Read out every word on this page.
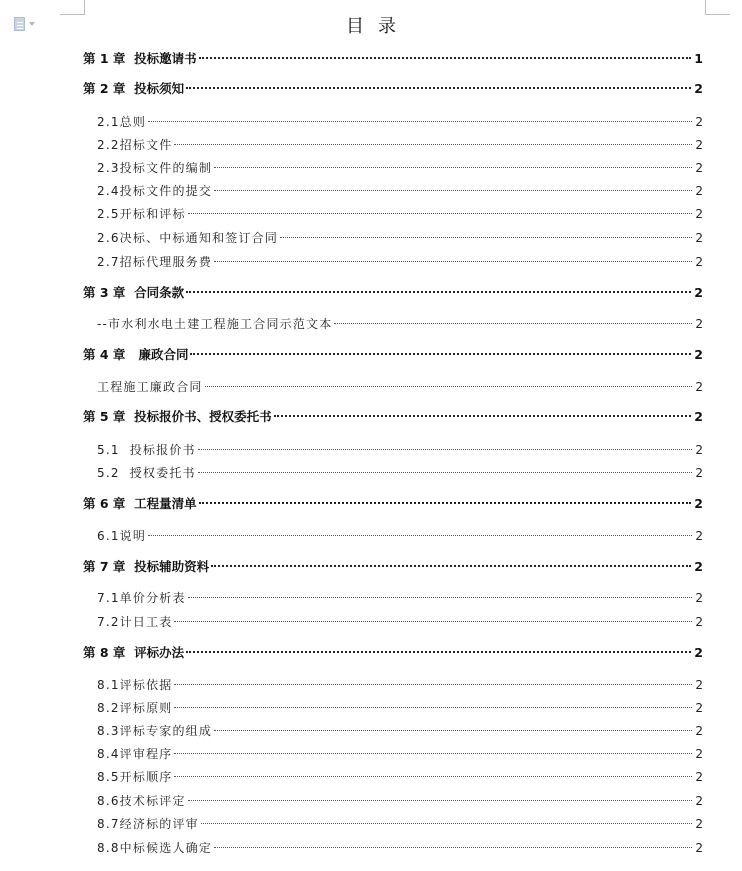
目录
第 1 章  投标邀请书	1
第 2 章  投标须知	2
2.1总则	2
2.2招标文件	2
2.3投标文件的编制	2
2.4投标文件的提交	2
2.5开标和评标	2
2.6决标、中标通知和签订合同	2
2.7招标代理服务费	2
第 3 章  合同条款	2
--市水利水电土建工程施工合同示范文本	2
第 4 章   廉政合同	2
工程施工廉政合同	2
第 5 章  投标报价书、授权委托书	2
5.1  投标报价书	2
5.2  授权委托书	2
第 6 章  工程量清单	2
6.1说明	2
第 7 章  投标辅助资料	2
7.1单价分析表	2
7.2计日工表	2
第 8 章  评标办法	2
8.1评标依据	2
8.2评标原则	2
8.3评标专家的组成	2
8.4评审程序	2
8.5开标顺序	2
8.6技术标评定	2
8.7经济标的评审	2
8.8中标候选人确定	2
